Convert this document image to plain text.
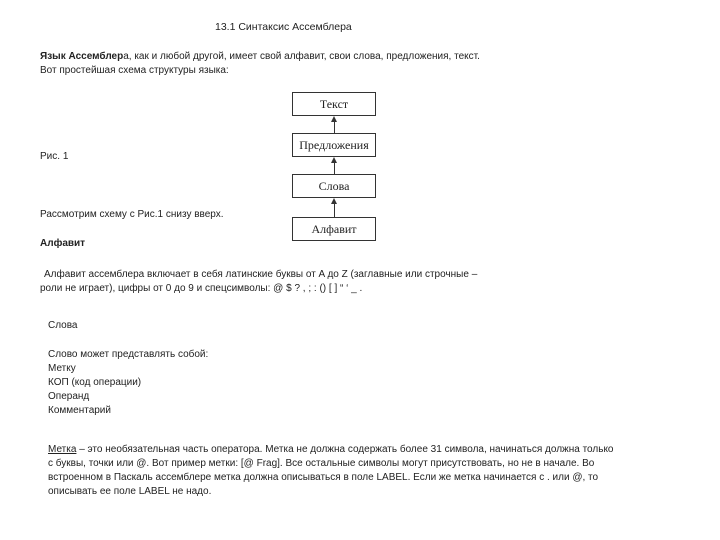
13.1 Синтаксис Ассемблера
Язык Ассемблера, как и любой другой, имеет свой алфавит, свои слова, предложения, текст.
Вот простейшая схема структуры языка:
Текст
Предложения
Слова
Алфавит
Рис. 1
Рассмотрим схему с Рис.1 снизу вверх.
Алфавит
Алфавит ассемблера включает в себя латинские буквы от A до Z (заглавные или строчные –
роли не играет), цифры от 0 до 9 и спецсимволы: @ $ ? , ; : () [ ] “ ‘ _ .
Слова
Слово может представлять собой:
Метку
КОП (код операции)
Операнд
Комментарий
Метка – это необязательная часть оператора. Метка не должна содержать более 31 символа, начинаться должна только
с буквы, точки или @. Вот пример метки: [@ Frag]. Все остальные символы могут присутствовать, но не в начале. Во
встроенном в Паскаль ассемблере метка должна описываться в поле LABEL. Если же метка начинается с . или @, то
описывать ее поле LABEL не надо.
